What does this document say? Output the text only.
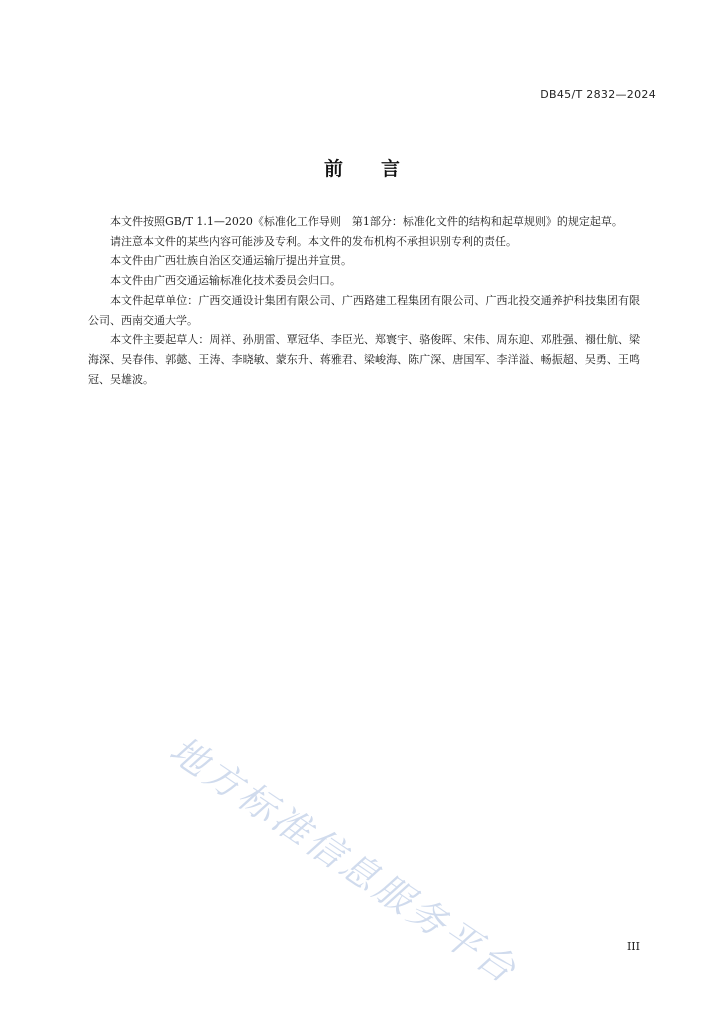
DB45/T 2832—2024
前 言

本文件按照GB/T 1.1—2020《标准化工作导则　第1部分：标准化文件的结构和起草规则》的规定起草。

请注意本文件的某些内容可能涉及专利。本文件的发布机构不承担识别专利的责任。

本文件由广西壮族自治区交通运输厅提出并宣贯。

本文件由广西交通运输标准化技术委员会归口。

本文件起草单位：广西交通设计集团有限公司、广西路建工程集团有限公司、广西北投交通养护科技集团有限公司、西南交通大学。

本文件主要起草人：周祥、孙朋雷、覃冠华、李臣光、郑寰宇、骆俊晖、宋伟、周东迎、邓胜强、禤仕航、梁海深、吴春伟、郭懿、王涛、李晓敏、蒙东升、蒋雅君、梁峻海、陈广深、唐国军、李洋溢、畅振超、吴勇、王鸣冠、吴雄波。

地方标准信息服务平台	III
